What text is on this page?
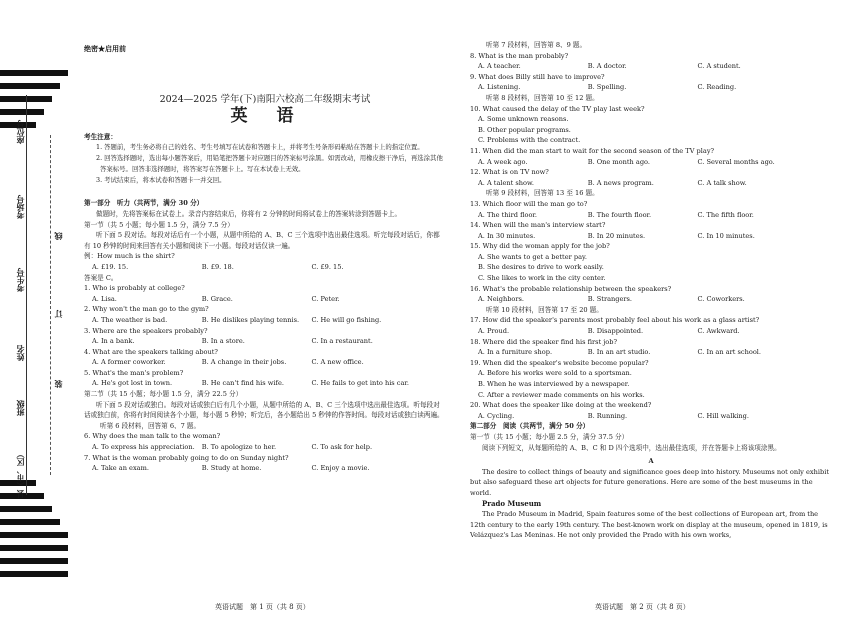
座位号
考场号
考生号
姓名
班级
县（市、区）
线
订
装
绝密★启用前
2024—2025 学年(下)南阳六校高二年级期末考试
英　语
考生注意：
1. 答题前，考生务必将自己的姓名、考生号填写在试卷和答题卡上，并将考生号条形码粘贴在答题卡上的指定位置。
2. 回答选择题时，选出每小题答案后，用铅笔把答题卡对应题目的答案标号涂黑。如需改动，用橡皮擦干净后，再选涂其他答案标号。回答非选择题时，将答案写在答题卡上。写在本试卷上无效。
3. 考试结束后，将本试卷和答题卡一并交回。
第一部分　听力（共两节，满分 30 分）
做题时，先将答案标在试卷上。录音内容结束后，你将有 2 分钟的时间将试卷上的答案转涂到答题卡上。
第一节（共 5 小题；每小题 1.5 分，满分 7.5 分）
听下面 5 段对话。每段对话后有一个小题，从题中所给的 A、B、C 三个选项中选出最佳选项。听完每段对话后，你都有 10 秒钟的时间来回答有关小题和阅读下一小题。每段对话仅读一遍。
例：How much is the shirt?
A. £19. 15.	B. £9. 18.	C. £9. 15.
答案是 C。
1. Who is probably at college?
A. Lisa.	B. Grace.	C. Peter.
2. Why won't the man go to the gym?
A. The weather is bad.	B. He dislikes playing tennis.	C. He will go fishing.
3. Where are the speakers probably?
A. In a bank.	B. In a store.	C. In a restaurant.
4. What are the speakers talking about?
A. A former coworker.	B. A change in their jobs.	C. A new office.
5. What's the man's problem?
A. He's got lost in town.	B. He can't find his wife.	C. He fails to get into his car.
第二节（共 15 小题；每小题 1.5 分，满分 22.5 分）
听下面 5 段对话或独白。每段对话或独白后有几个小题，从题中所给的 A、B、C 三个选项中选出最佳选项。听每段对话或独白前，你将有时间阅读各个小题，每小题 5 秒钟；听完后，各小题给出 5 秒钟的作答时间。每段对话或独白读两遍。
听第 6 段材料，回答第 6、7 题。
6. Why does the man talk to the woman?
A. To express his appreciation.	B. To apologize to her.	C. To ask for help.
7. What is the woman probably going to do on Sunday night?
A. Take an exam.	B. Study at home.	C. Enjoy a movie.
听第 7 段材料，回答第 8、9 题。
8. What is the man probably?
A. A teacher.	B. A doctor.	C. A student.
9. What does Billy still have to improve?
A. Listening.	B. Spelling.	C. Reading.
听第 8 段材料，回答第 10 至 12 题。
10. What caused the delay of the TV play last week?
A. Some unknown reasons.
B. Other popular programs.
C. Problems with the contract.
11. When did the man start to wait for the second season of the TV play?
A. A week ago.	B. One month ago.	C. Several months ago.
12. What is on TV now?
A. A talent show.	B. A news program.	C. A talk show.
听第 9 段材料，回答第 13 至 16 题。
13. Which floor will the man go to?
A. The third floor.	B. The fourth floor.	C. The fifth floor.
14. When will the man's interview start?
A. In 30 minutes.	B. In 20 minutes.	C. In 10 minutes.
15. Why did the woman apply for the job?
A. She wants to get a better pay.
B. She desires to drive to work easily.
C. She likes to work in the city center.
16. What's the probable relationship between the speakers?
A. Neighbors.	B. Strangers.	C. Coworkers.
听第 10 段材料，回答第 17 至 20 题。
17. How did the speaker's parents most probably feel about his work as a glass artist?
A. Proud.	B. Disappointed.	C. Awkward.
18. Where did the speaker find his first job?
A. In a furniture shop.	B. In an art studio.	C. In an art school.
19. When did the speaker's website become popular?
A. Before his works were sold to a sportsman.
B. When he was interviewed by a newspaper.
C. After a reviewer made comments on his works.
20. What does the speaker like doing at the weekend?
A. Cycling.	B. Running.	C. Hill walking.
第二部分　阅读（共两节，满分 50 分）
第一节（共 15 小题；每小题 2.5 分，满分 37.5 分）
阅读下列短文，从每题所给的 A、B、C 和 D 四个选项中，选出最佳选项，并在答题卡上将该项涂黑。
A
The desire to collect things of beauty and significance goes deep into history. Museums not only exhibit but also safeguard these art objects for future generations. Here are some of the best museums in the world.
Prado Museum
The Prado Museum in Madrid, Spain features some of the best collections of European art, from the 12th century to the early 19th century. The best-known work on display at the museum, opened in 1819, is Velázquez's Las Meninas. He not only provided the Prado with his own works,
英语试题　第 1 页（共 8 页）	英语试题　第 2 页（共 8 页）
